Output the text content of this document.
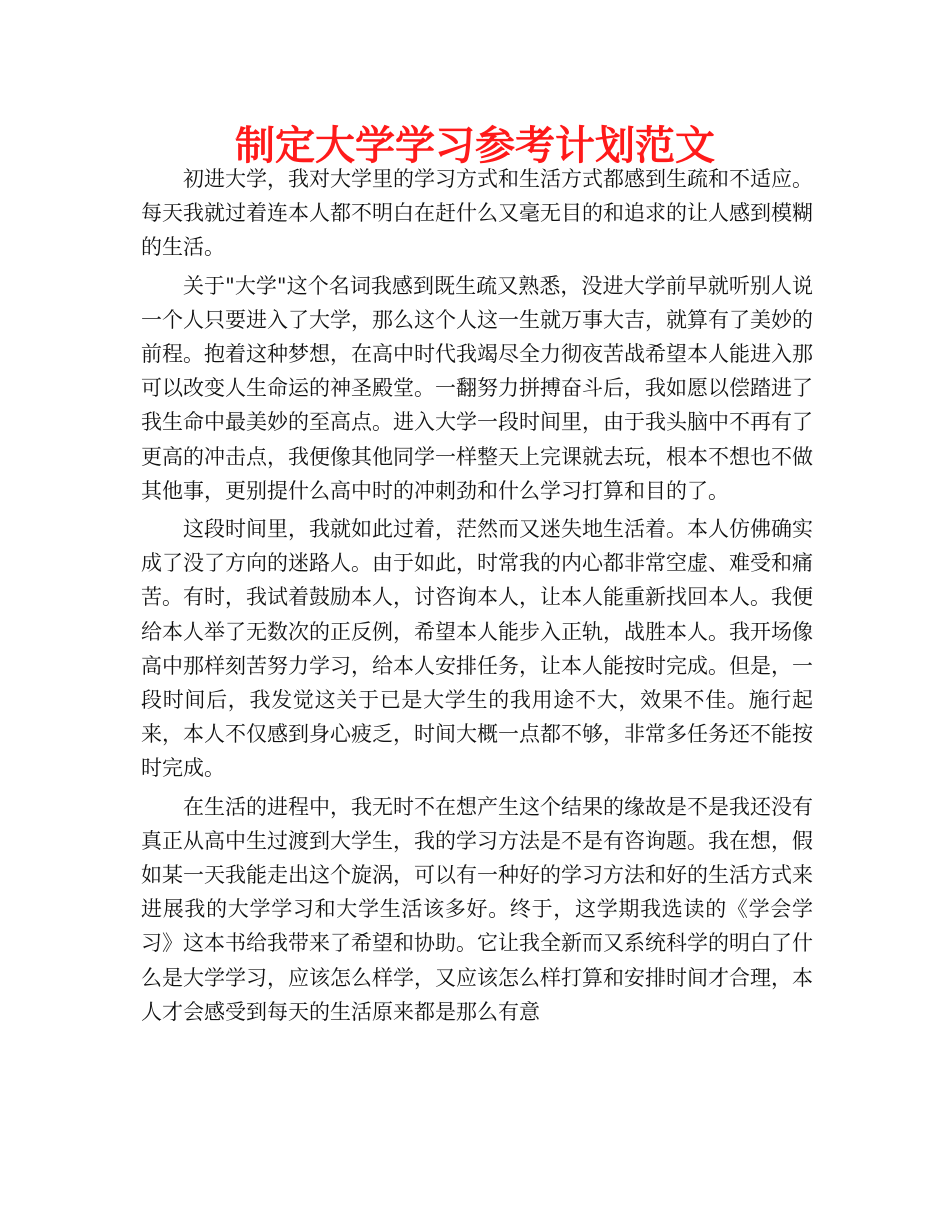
制定大学学习参考计划范文

初进大学，我对大学里的学习方式和生活方式都感到生疏和不适应。每天我就过着连本人都不明白在赶什么又毫无目的和追求的让人感到模糊的生活。

关于"大学"这个名词我感到既生疏又熟悉，没进大学前早就听别人说一个人只要进入了大学，那么这个人这一生就万事大吉，就算有了美妙的前程。抱着这种梦想，在高中时代我竭尽全力彻夜苦战希望本人能进入那可以改变人生命运的神圣殿堂。一翻努力拼搏奋斗后，我如愿以偿踏进了我生命中最美妙的至高点。进入大学一段时间里，由于我头脑中不再有了更高的冲击点，我便像其他同学一样整天上完课就去玩，根本不想也不做其他事，更别提什么高中时的冲刺劲和什么学习打算和目的了。

这段时间里，我就如此过着，茫然而又迷失地生活着。本人仿佛确实成了没了方向的迷路人。由于如此，时常我的内心都非常空虚、难受和痛苦。有时，我试着鼓励本人，讨咨询本人，让本人能重新找回本人。我便给本人举了无数次的正反例，希望本人能步入正轨，战胜本人。我开场像高中那样刻苦努力学习，给本人安排任务，让本人能按时完成。但是，一段时间后，我发觉这关于已是大学生的我用途不大，效果不佳。施行起来，本人不仅感到身心疲乏，时间大概一点都不够，非常多任务还不能按时完成。

在生活的进程中，我无时不在想产生这个结果的缘故是不是我还没有真正从高中生过渡到大学生，我的学习方法是不是有咨询题。我在想，假如某一天我能走出这个旋涡，可以有一种好的学习方法和好的生活方式来进展我的大学学习和大学生活该多好。终于，这学期我选读的《学会学习》这本书给我带来了希望和协助。它让我全新而又系统科学的明白了什么是大学学习，应该怎么样学，又应该怎么样打算和安排时间才合理，本人才会感受到每天的生活原来都是那么有意
